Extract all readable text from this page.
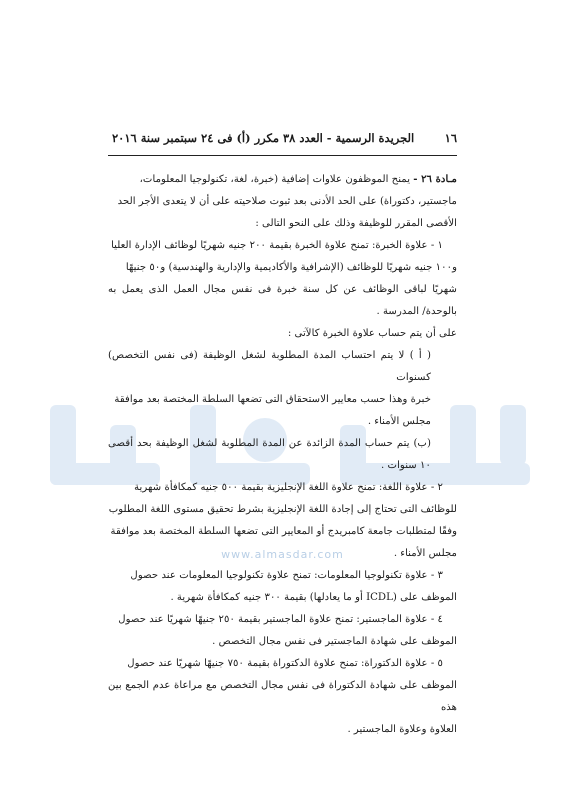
www.almasdar.com
١٦
الجريدة الرسمية - العدد ٣٨ مكرر (أ) فى ٢٤ سبتمبر سنة ٢٠١٦

مـادة ٢٦ - يمنح الموظفون علاوات إضافية (خبرة، لغة، تكنولوجيا المعلومات،

ماجستير، دكتوراة) على الحد الأدنى بعد ثبوت صلاحيته على أن لا يتعدى الأجر الحد

الأقصى المقرر للوظيفة وذلك على النحو التالى :

١ - علاوة الخبرة: تمنح علاوة الخبرة بقيمة ٢٠٠ جنيه شهريًا لوظائف الإدارة العليا

و١٠٠ جنيه شهريًا للوظائف (الإشرافية والأكاديمية والإدارية والهندسية) و٥٠ جنيهًا

شهريًا لباقى الوظائف عن كل سنة خبرة فى نفس مجال العمل الذى يعمل به بالوحدة/ المدرسة .

على أن يتم حساب علاوة الخبرة كالآتى :

( أ ) لا يتم احتساب المدة المطلوبة لشغل الوظيفة (فى نفس التخصص) كسنوات

خبرة وهذا حسب معايير الاستحقاق التى تضعها السلطة المختصة بعد موافقة

مجلس الأمناء .

(ب) يتم حساب المدة الزائدة عن المدة المطلوبة لشغل الوظيفة بحد أقصى ١٠ سنوات .

٢ - علاوة اللغة: تمنح علاوة اللغة الإنجليزية بقيمة ٥٠٠ جنيه كمكافأة شهرية

للوظائف التى تحتاج إلى إجادة اللغة الإنجليزية بشرط تحقيق مستوى اللغة المطلوب

وفقًا لمتطلبات جامعة كامبريدج أو المعايير التى تضعها السلطة المختصة بعد موافقة

مجلس الأمناء .

٣ - علاوة تكنولوجيا المعلومات: تمنح علاوة تكنولوجيا المعلومات عند حصول

الموظف على (ICDL أو ما يعادلها) بقيمة ٣٠٠ جنيه كمكافأة شهرية .

٤ - علاوة الماجستير: تمنح علاوة الماجستير بقيمة ٢٥٠ جنيهًا شهريًا عند حصول

الموظف على شهادة الماجستير فى نفس مجال التخصص .

٥ - علاوة الدكتوراة: تمنح علاوة الدكتوراة بقيمة ٧٥٠ جنيهًا شهريًا عند حصول

الموظف على شهادة الدكتوراة فى نفس مجال التخصص مع مراعاة عدم الجمع بين هذه

العلاوة وعلاوة الماجستير .
